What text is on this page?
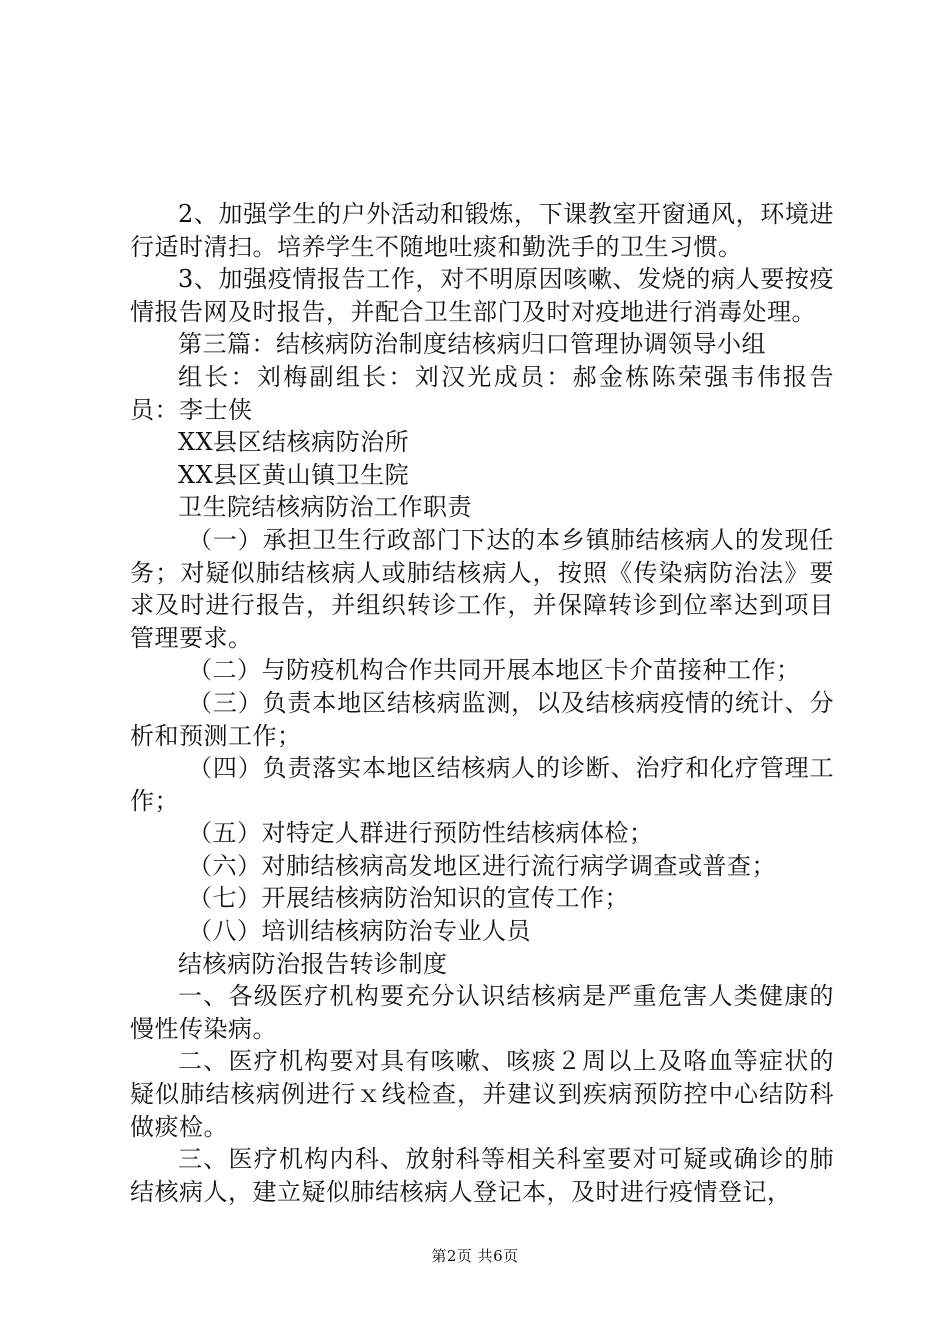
2、加强学生的户外活动和锻炼，下课教室开窗通风，环境进行适时清扫。培养学生不随地吐痰和勤洗手的卫生习惯。

3、加强疫情报告工作，对不明原因咳嗽、发烧的病人要按疫情报告网及时报告，并配合卫生部门及时对疫地进行消毒处理。

第三篇：结核病防治制度结核病归口管理协调领导小组

组长：刘梅副组长：刘汉光成员：郝金栋陈荣强韦伟报告员：李士侠

XX县区结核病防治所

XX县区黄山镇卫生院

卫生院结核病防治工作职责

（一）承担卫生行政部门下达的本乡镇肺结核病人的发现任务；对疑似肺结核病人或肺结核病人，按照《传染病防治法》要求及时进行报告，并组织转诊工作，并保障转诊到位率达到项目管理要求。

（二）与防疫机构合作共同开展本地区卡介苗接种工作；

（三）负责本地区结核病监测，以及结核病疫情的统计、分析和预测工作；

（四）负责落实本地区结核病人的诊断、治疗和化疗管理工作；

（五）对特定人群进行预防性结核病体检；

（六）对肺结核病高发地区进行流行病学调查或普查；

（七）开展结核病防治知识的宣传工作；

（八）培训结核病防治专业人员

结核病防治报告转诊制度

一、各级医疗机构要充分认识结核病是严重危害人类健康的慢性传染病。

二、医疗机构要对具有咳嗽、咳痰２周以上及咯血等症状的疑似肺结核病例进行ｘ线检查，并建议到疾病预防控中心结防科做痰检。

三、医疗机构内科、放射科等相关科室要对可疑或确诊的肺结核病人，建立疑似肺结核病人登记本，及时进行疫情登记，

第2页 共6页
